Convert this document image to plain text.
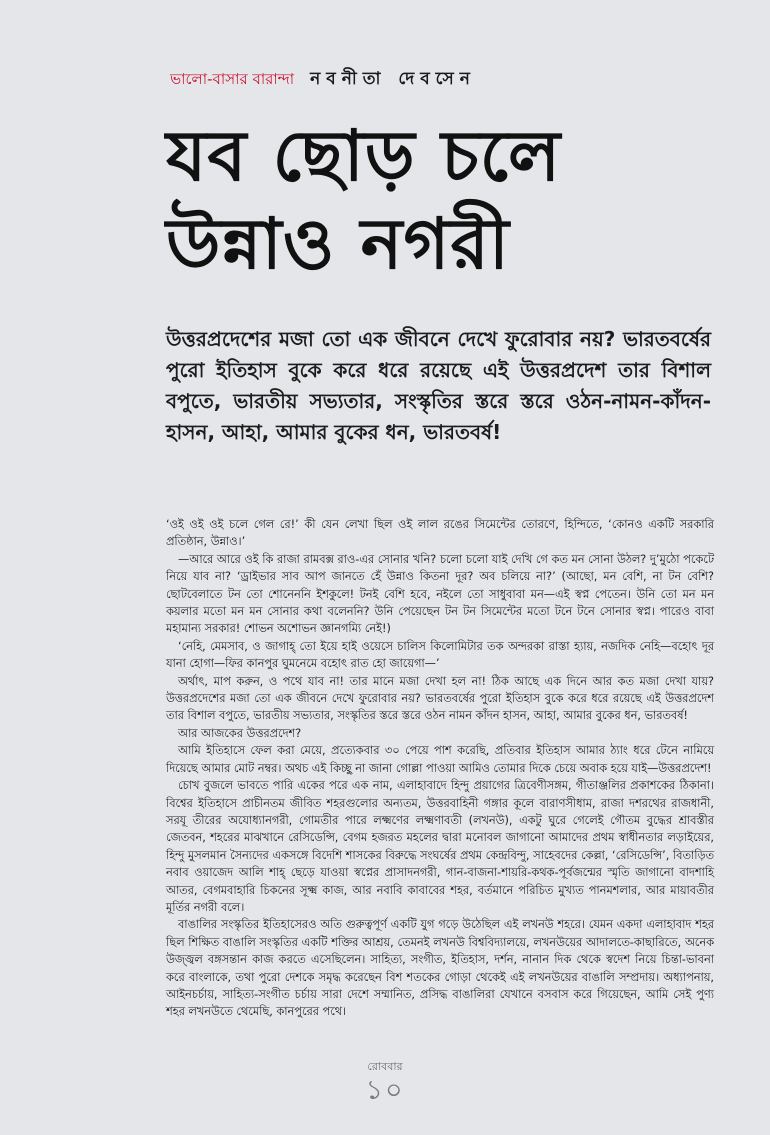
ভালো-বাসার বারান্দা নবনীতা দেবসেন
যব ছোড় চলে
উন্নাও নগরী
উত্তরপ্রদেশের মজা তো এক জীবনে দেখে ফুরোবার নয়? ভারতবর্ষের পুরো ইতিহাস বুকে করে ধরে রয়েছে এই উত্তরপ্রদেশ তার বিশাল বপুতে, ভারতীয় সভ্যতার, সংস্কৃতির স্তরে স্তরে ওঠন-নামন-কাঁদন-হাসন, আহা, আমার বুকের ধন, ভারতবর্ষ!

‘ওই ওই ওই চলে গেল রে!’ কী যেন লেখা ছিল ওই লাল রঙের সিমেন্টের তোরণে, হিন্দিতে, ‘কোনও একটি সরকারি প্রতিষ্ঠান, উন্নাও।’

—আরে আরে ওই কি রাজা রামবক্স রাও-এর সোনার খনি? চলো চলো যাই দেখি গে কত মন সোনা উঠল? দু’মুঠো পকেটে নিয়ে যাব না? ‘ড্রাইভার সাব আপ জানতে হেঁ উন্নাও কিতনা দূর? অব চলিয়ে না?’ (আছো, মন বেশি, না টন বেশি? ছোটবেলাতে টন তো শোনেননি ইশকুলে! টনই বেশি হবে, নইলে তো সাধুবাবা মন—এই স্বপ্ন পেতেন। উনি তো মন মন কয়লার মতো মন মন সোনার কথা বলেননি? উনি পেয়েছেন টন টন সিমেন্টের মতো টনে টনে সোনার স্বপ্ন। পারেও বাবা মহামান্য সরকার! শোভন অশোভন জ্ঞানগম্যি নেই!)

‘নেহি, মেমসাব, ও জাগাহ্‌ তো ইয়ে হাই ওয়েসে চালিস কিলোমিটার তক অন্দরকা রাস্তা হ্যায়, নজদিক নেহি—বহোৎ দূর যানা হোগা—ফির কানপুর ঘুমনেমে বহোৎ রাত হো জায়েগা—’

অর্থাৎ, মাপ করুন, ও পথে যাব না! তার মানে মজা দেখা হল না! ঠিক আছে এক দিনে আর কত মজা দেখা যায়? উত্তরপ্রদেশের মজা তো এক জীবনে দেখে ফুরোবার নয়? ভারতবর্ষের পুরো ইতিহাস বুকে করে ধরে রয়েছে এই উত্তরপ্রদেশ তার বিশাল বপুতে, ভারতীয় সভ্যতার, সংস্কৃতির স্তরে স্তরে ওঠন নামন কাঁদন হাসন, আহা, আমার বুকের ধন, ভারতবর্ষ!

আর আজকের উত্তরপ্রদেশ?

আমি ইতিহাসে ফেল করা মেয়ে, প্রত্যেকবার ৩০ পেয়ে পাশ করেছি, প্রতিবার ইতিহাস আমার ঠ্যাং ধরে টেনে নামিয়ে দিয়েছে আমার মোট নম্বর। অথচ এই কিচ্ছু না জানা গোল্লা পাওয়া আমিও তোমার দিকে চেয়ে অবাক হয়ে যাই—উত্তরপ্রদেশ!

চোখ বুজলে ভাবতে পারি একের পরে এক নাম, এলাহাবাদে হিন্দু প্রয়াগের ত্রিবেণীসঙ্গম, গীতাঞ্জলির প্রকাশকের ঠিকানা। বিশ্বের ইতিহাসে প্রাচীনতম জীবিত শহরগুলোর অন্যতম, উত্তরবাহিনী গঙ্গার কূলে বারাণসীধাম, রাজা দশরথের রাজধানী, সরযূ তীরের অযোধ্যানগরী, গোমতীর পারে লক্ষ্মণের লক্ষ্মণাবতী (লখনউ), একটু ঘুরে গেলেই গৌতম বুদ্ধের শ্রাবস্তীর জেতবন, শহরের মাঝখানে রেসিডেন্সি, বেগম হজরত মহলের দ্বারা মনোবল জাগানো আমাদের প্রথম স্বাধীনতার লড়াইয়ের, হিন্দু মুসলমান সৈন্যদের একসঙ্গে বিদেশি শাসকের বিরুদ্ধে সংঘর্ষের প্রথম কেন্দ্রবিন্দু, সাহেবদের কেল্লা, ‘রেসিডেন্সি’, বিতাড়িত নবাব ওয়াজেদ আলি শাহ্‌ ছেড়ে যাওয়া স্বপ্নের প্রাসাদনগরী, গান-বাজনা-শায়রি-কথক-পূর্বজন্মের স্মৃতি জাগানো বাদশাহি আতর, বেগমবাহারি চিকনের সূক্ষ্ম কাজ, আর নবাবি কাবাবের শহর, বর্তমানে পরিচিত মুখ্যত পানমশলার, আর মায়াবতীর মূর্তির নগরী বলে।

বাঙালির সংস্কৃতির ইতিহাসেরও অতি গুরুত্বপূর্ণ একটি যুগ গড়ে উঠেছিল এই লখনউ শহরে। যেমন একদা এলাহাবাদ শহর ছিল শিক্ষিত বাঙালি সংস্কৃতির একটি শক্তির আশ্রয়, তেমনই লখনউ বিশ্ববিদ্যালয়ে, লখনউয়ের আদালতে-কাছারিতে, অনেক উজ্জ্বল বঙ্গসন্তান কাজ করতে এসেছিলেন। সাহিত্য, সংগীত, ইতিহাস, দর্শন, নানান দিক থেকে স্বদেশ নিয়ে চিন্তা-ভাবনা করে বাংলাকে, তথা পুরো দেশকে সমৃদ্ধ করেছেন বিশ শতকের গোড়া থেকেই এই লখনউয়ের বাঙালি সম্প্রদায়। অধ্যাপনায়, আইনচর্চায়, সাহিত্য-সংগীত চর্চায় সারা দেশে সম্মানিত, প্রসিদ্ধ বাঙালিরা যেখানে বসবাস করে গিয়েছেন, আমি সেই পুণ্য শহর লখনউতে থেমেছি, কানপুরের পথে।

রোববার
১০
